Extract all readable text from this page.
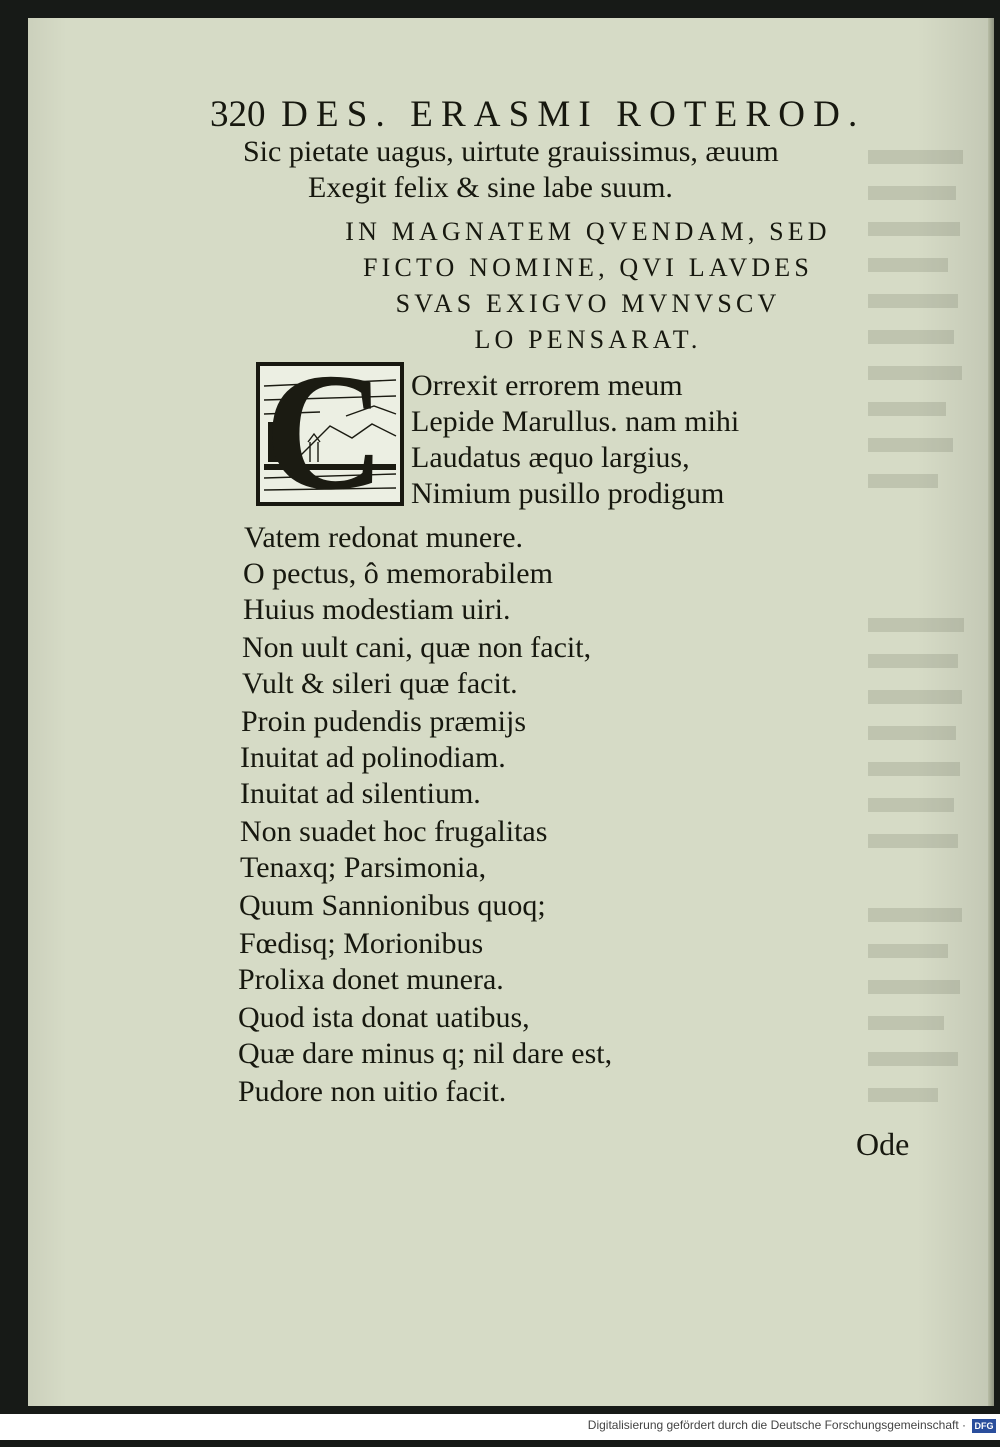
320 DES. ERASMI ROTEROD.
Sic pietate uagus, uirtute grauissimus, æuum
Exegit felix & sine labe suum.
IN MAGNATEM QVENDAM, SED
FICTO NOMINE, QVI LAVDES
SVAS EXIGVO MVNVSCV
LO PENSARAT.
C Orrexit errorem meum
Lepide Marullus. nam mihi
Laudatus æquo largius,
Nimium pusillo prodigum
Vatem redonat munere.
O pectus, ô memorabilem
Huius modestiam uiri.
Non uult cani, quæ non facit,
Vult & sileri quæ facit.
Proin pudendis præmijs
Inuitat ad polinodiam.
Inuitat ad silentium.
Non suadet hoc frugalitas
Tenaxq; Parsimonia,
Quum Sannionibus quoq;
Fœdisq; Morionibus
Prolixa donet munera.
Quod ista donat uatibus,
Quæ dare minus q; nil dare est,
Pudore non uitio facit.
Ode
Digitalisierung gefördert durch die Deutsche Forschungsgemeinschaft · DFG
